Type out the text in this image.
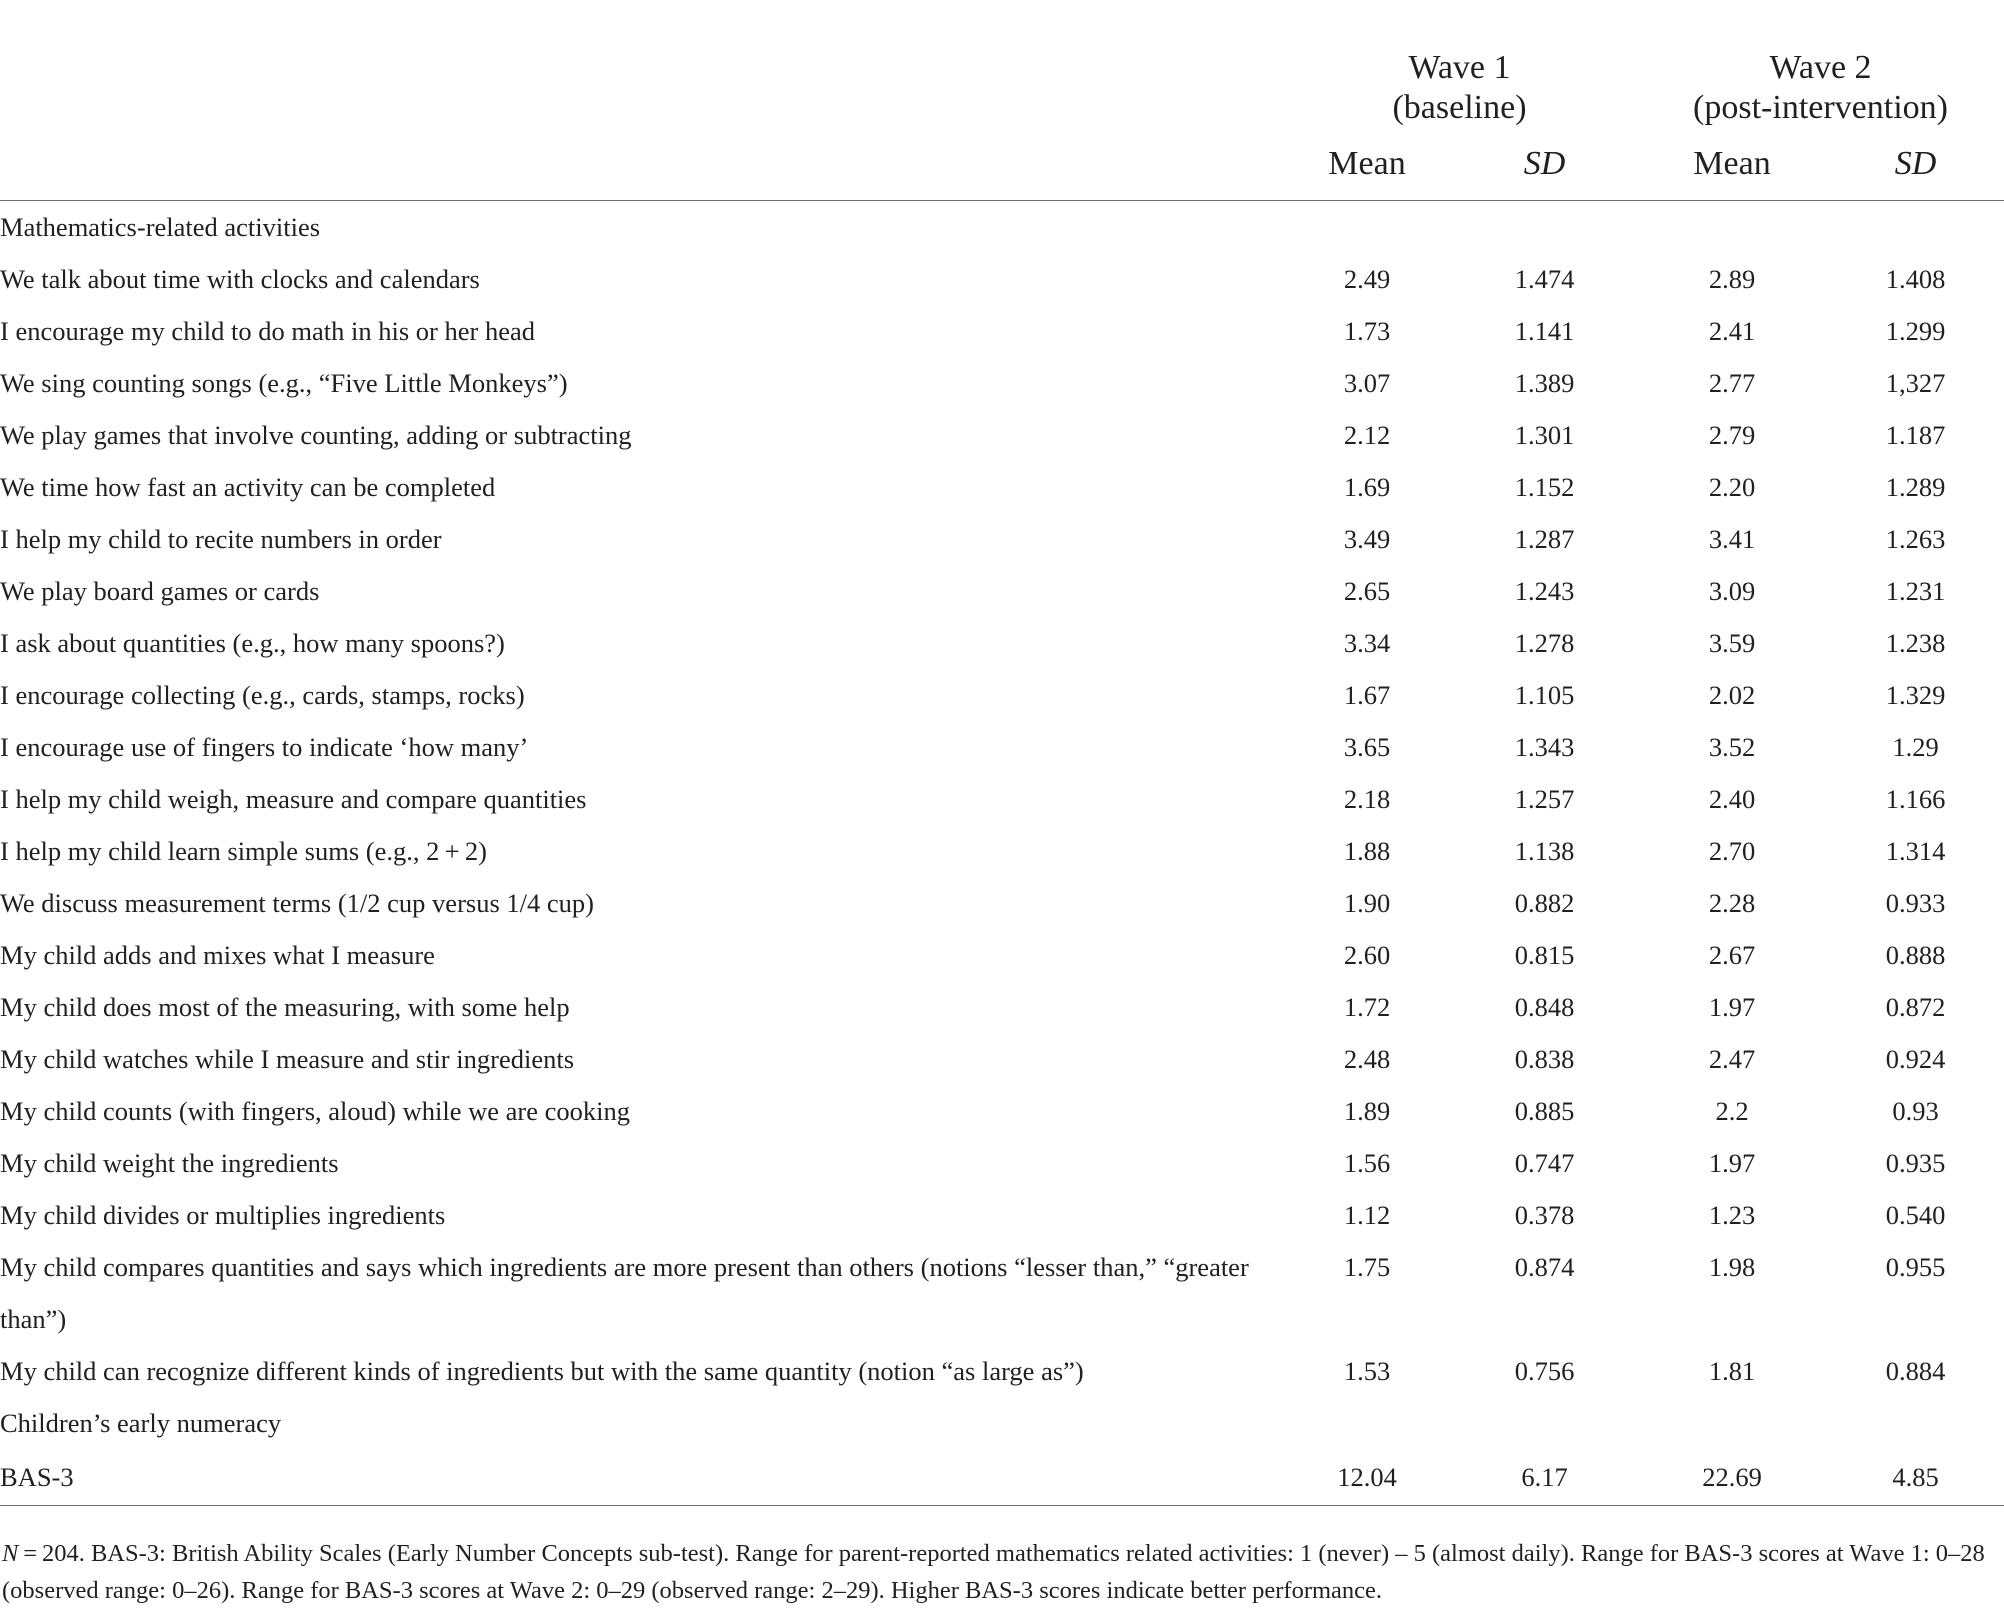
	Wave 1
(baseline)		Wave 2
(post-intervention)	

	Mean	SD	Mean	SD
Mathematics-related activities				
We talk about time with clocks and calendars	2.49	1.474	2.89	1.408
I encourage my child to do math in his or her head	1.73	1.141	2.41	1.299
We sing counting songs (e.g., “Five Little Monkeys”)	3.07	1.389	2.77	1,327
We play games that involve counting, adding or subtracting	2.12	1.301	2.79	1.187
We time how fast an activity can be completed	1.69	1.152	2.20	1.289
I help my child to recite numbers in order	3.49	1.287	3.41	1.263
We play board games or cards	2.65	1.243	3.09	1.231
I ask about quantities (e.g., how many spoons?)	3.34	1.278	3.59	1.238
I encourage collecting (e.g., cards, stamps, rocks)	1.67	1.105	2.02	1.329
I encourage use of fingers to indicate ‘how many’	3.65	1.343	3.52	1.29
I help my child weigh, measure and compare quantities	2.18	1.257	2.40	1.166
I help my child learn simple sums (e.g., 2 + 2)	1.88	1.138	2.70	1.314
We discuss measurement terms (1/2 cup versus 1/4 cup)	1.90	0.882	2.28	0.933
My child adds and mixes what I measure	2.60	0.815	2.67	0.888
My child does most of the measuring, with some help	1.72	0.848	1.97	0.872
My child watches while I measure and stir ingredients	2.48	0.838	2.47	0.924
My child counts (with fingers, aloud) while we are cooking	1.89	0.885	2.2	0.93
My child weight the ingredients	1.56	0.747	1.97	0.935
My child divides or multiplies ingredients	1.12	0.378	1.23	0.540
My child compares quantities and says which ingredients are more present than others (notions “lesser than,” “greater than”)	1.75	0.874	1.98	0.955
My child can recognize different kinds of ingredients but with the same quantity (notion “as large as”)	1.53	0.756	1.81	0.884
Children’s early numeracy				
BAS-3	12.04	6.17	22.69	4.85
N = 204. BAS-3: British Ability Scales (Early Number Concepts sub-test). Range for parent-reported mathematics related activities: 1 (never) – 5 (almost daily). Range for BAS-3 scores at Wave 1: 0–28 (observed range: 0–26). Range for BAS-3 scores at Wave 2: 0–29 (observed range: 2–29). Higher BAS-3 scores indicate better performance.
